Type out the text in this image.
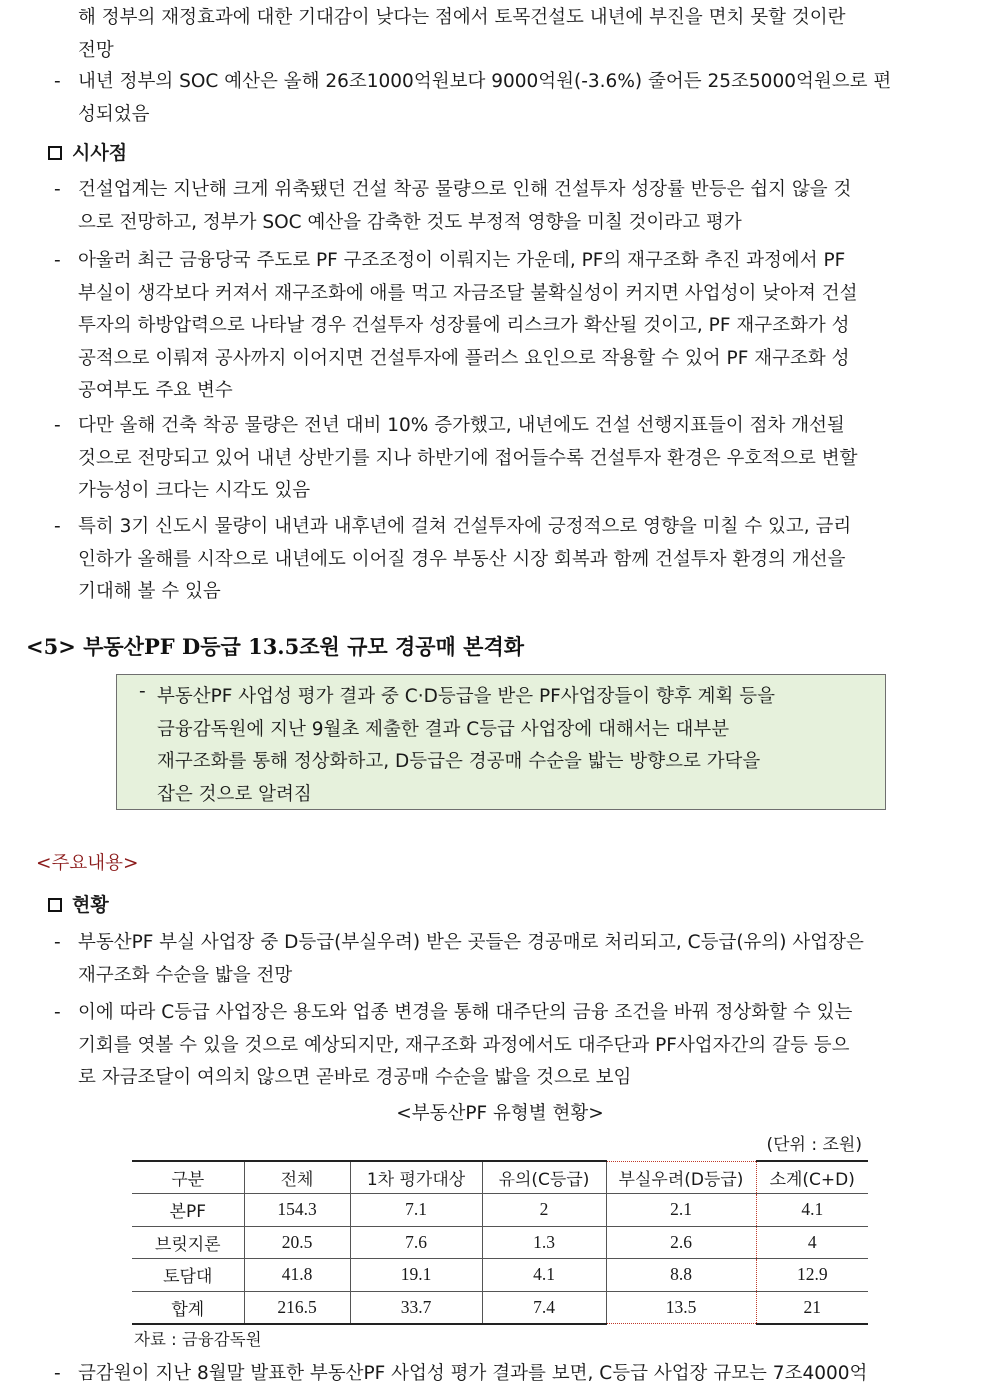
해 정부의 재정효과에 대한 기대감이 낮다는 점에서 토목건설도 내년에 부진을 면치 못할 것이란
전망
- 내년 정부의 SOC 예산은 올해 26조1000억원보다 9000억원(-3.6%) 줄어든 25조5000억원으로 편
성되었음
시사점
- 건설업계는 지난해 크게 위축됐던 건설 착공 물량으로 인해 건설투자 성장률 반등은 쉽지 않을 것
으로 전망하고, 정부가 SOC 예산을 감축한 것도 부정적 영향을 미칠 것이라고 평가
- 아울러 최근 금융당국 주도로 PF 구조조정이 이뤄지는 가운데, PF의 재구조화 추진 과정에서 PF
부실이 생각보다 커져서 재구조화에 애를 먹고 자금조달 불확실성이 커지면 사업성이 낮아져 건설
투자의 하방압력으로 나타날 경우 건설투자 성장률에 리스크가 확산될 것이고, PF 재구조화가 성
공적으로 이뤄져 공사까지 이어지면 건설투자에 플러스 요인으로 작용할 수 있어 PF 재구조화 성
공여부도 주요 변수
- 다만 올해 건축 착공 물량은 전년 대비 10% 증가했고, 내년에도 건설 선행지표들이 점차 개선될
것으로 전망되고 있어 내년 상반기를 지나 하반기에 접어들수록 건설투자 환경은 우호적으로 변할
가능성이 크다는 시각도 있음
- 특히 3기 신도시 물량이 내년과 내후년에 걸쳐 건설투자에 긍정적으로 영향을 미칠 수 있고, 금리
인하가 올해를 시작으로 내년에도 이어질 경우 부동산 시장 회복과 함께 건설투자 환경의 개선을
기대해 볼 수 있음
<5> 부동산PF D등급 13.5조원 규모 경공매 본격화
- 부동산PF 사업성 평가 결과 중 C·D등급을 받은 PF사업장들이 향후 계획 등을
금융감독원에 지난 9월초 제출한 결과 C등급 사업장에 대해서는 대부분
재구조화를 통해 정상화하고, D등급은 경공매 수순을 밟는 방향으로 가닥을
잡은 것으로 알려짐
<주요내용>
현황
- 부동산PF 부실 사업장 중 D등급(부실우려) 받은 곳들은 경공매로 처리되고, C등급(유의) 사업장은
재구조화 수순을 밟을 전망
- 이에 따라 C등급 사업장은 용도와 업종 변경을 통해 대주단의 금융 조건을 바꿔 정상화할 수 있는
기회를 엿볼 수 있을 것으로 예상되지만, 재구조화 과정에서도 대주단과 PF사업자간의 갈등 등으
로 자금조달이 여의치 않으면 곧바로 경공매 수순을 밟을 것으로 보임
<부동산PF 유형별 현황>
(단위 : 조원)
구분	전체	1차 평가대상	유의(C등급)	부실우려(D등급)	소계(C+D)
본PF	154.3	7.1	2	2.1	4.1
브릿지론	20.5	7.6	1.3	2.6	4
토담대	41.8	19.1	4.1	8.8	12.9
합계	216.5	33.7	7.4	13.5	21
자료 : 금융감독원
- 금감원이 지난 8월말 발표한 부동산PF 사업성 평가 결과를 보면, C등급 사업장 규모는 7조4000억
